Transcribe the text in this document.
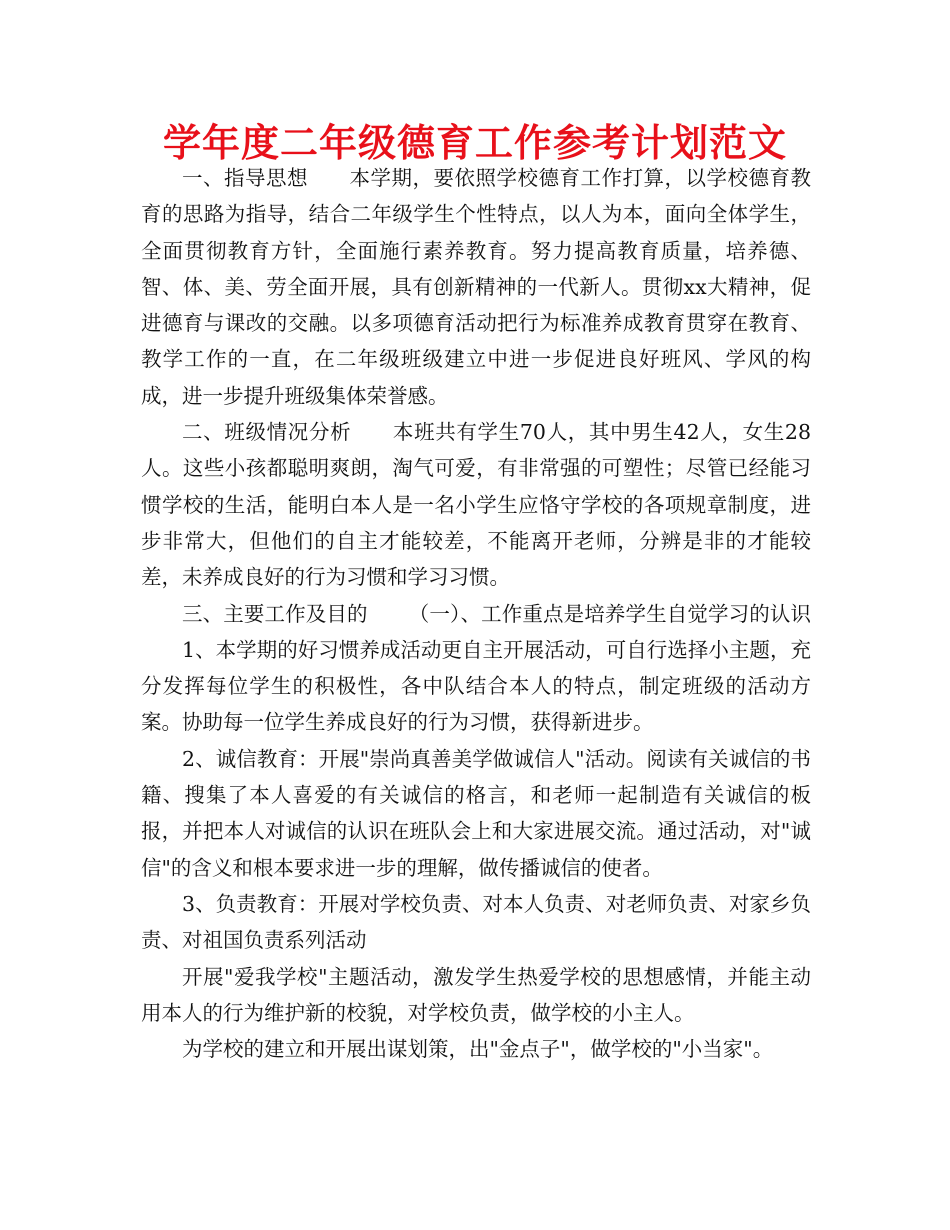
学年度二年级德育工作参考计划范文

一、指导思想 本学期，要依照学校德育工作打算，以学校德育教育的思路为指导，结合二年级学生个性特点，以人为本，面向全体学生，全面贯彻教育方针，全面施行素养教育。努力提高教育质量，培养德、智、体、美、劳全面开展，具有创新精神的一代新人。贯彻xx大精神，促进德育与课改的交融。以多项德育活动把行为标准养成教育贯穿在教育、教学工作的一直，在二年级班级建立中进一步促进良好班风、学风的构成，进一步提升班级集体荣誉感。

二、班级情况分析 本班共有学生70人，其中男生42人，女生28人。这些小孩都聪明爽朗，淘气可爱，有非常强的可塑性；尽管已经能习惯学校的生活，能明白本人是一名小学生应恪守学校的各项规章制度，进步非常大，但他们的自主才能较差，不能离开老师，分辨是非的才能较差，未养成良好的行为习惯和学习习惯。

三、主要工作及目的 （一）、工作重点是培养学生自觉学习的认识1、本学期的好习惯养成活动更自主开展活动，可自行选择小主题，充分发挥每位学生的积极性，各中队结合本人的特点，制定班级的活动方案。协助每一位学生养成良好的行为习惯，获得新进步。

2、诚信教育：开展"崇尚真善美学做诚信人"活动。阅读有关诚信的书籍、搜集了本人喜爱的有关诚信的格言，和老师一起制造有关诚信的板报，并把本人对诚信的认识在班队会上和大家进展交流。通过活动，对"诚信"的含义和根本要求进一步的理解，做传播诚信的使者。

3、负责教育：开展对学校负责、对本人负责、对老师负责、对家乡负责、对祖国负责系列活动

开展"爱我学校"主题活动，激发学生热爱学校的思想感情，并能主动用本人的行为维护新的校貌，对学校负责，做学校的小主人。

为学校的建立和开展出谋划策，出"金点子"，做学校的"小当家"。
